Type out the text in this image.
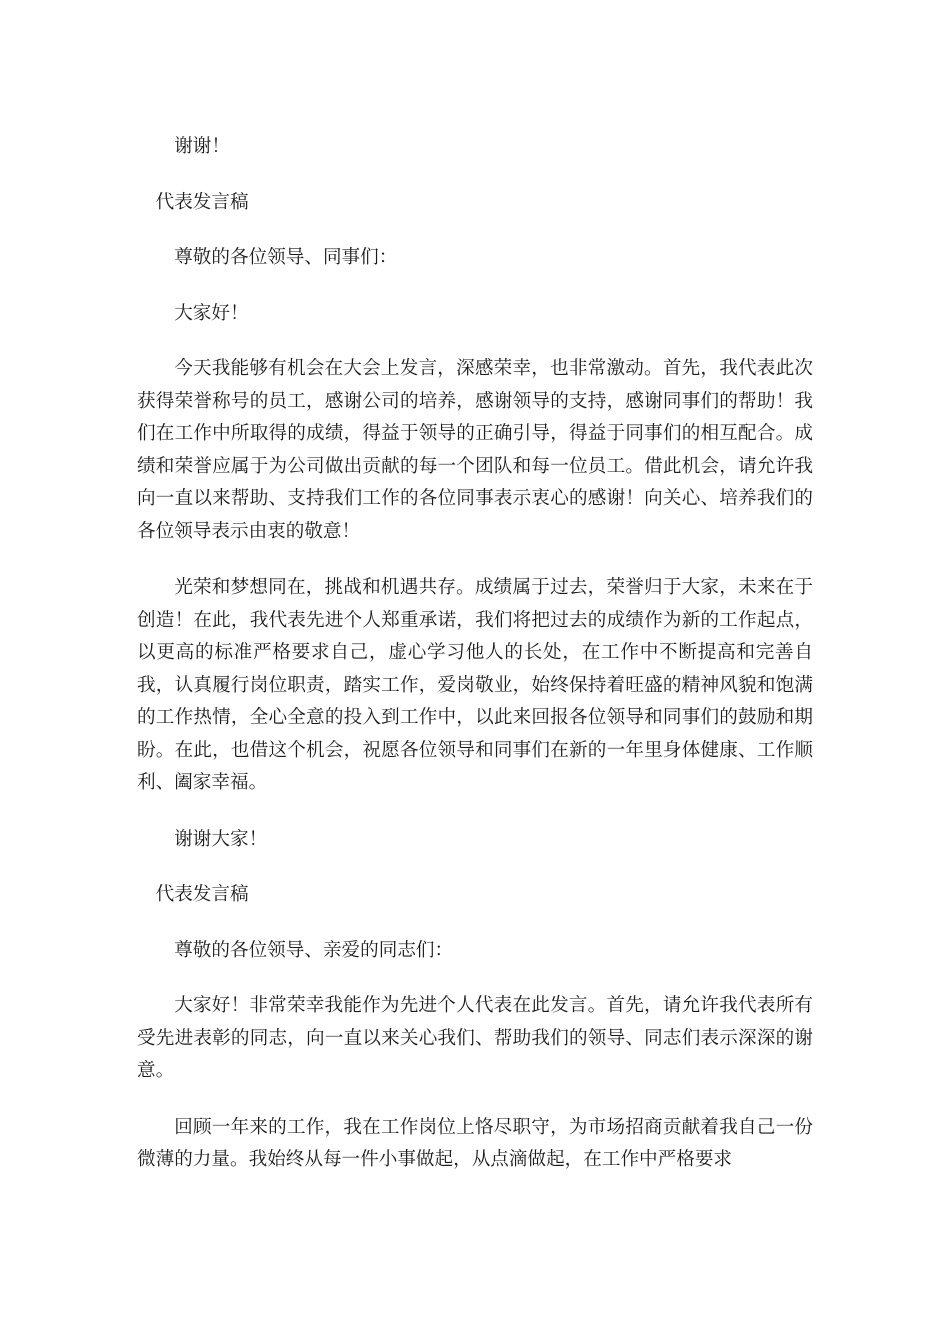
谢谢！

代表发言稿

尊敬的各位领导、同事们：

大家好！

今天我能够有机会在大会上发言，深感荣幸，也非常激动。首先，我代表此次获得荣誉称号的员工，感谢公司的培养，感谢领导的支持，感谢同事们的帮助！我们在工作中所取得的成绩，得益于领导的正确引导，得益于同事们的相互配合。成绩和荣誉应属于为公司做出贡献的每一个团队和每一位员工。借此机会，请允许我向一直以来帮助、支持我们工作的各位同事表示衷心的感谢！向关心、培养我们的各位领导表示由衷的敬意！

光荣和梦想同在，挑战和机遇共存。成绩属于过去，荣誉归于大家，未来在于创造！在此，我代表先进个人郑重承诺，我们将把过去的成绩作为新的工作起点，以更高的标准严格要求自己，虚心学习他人的长处，在工作中不断提高和完善自我，认真履行岗位职责，踏实工作，爱岗敬业，始终保持着旺盛的精神风貌和饱满的工作热情，全心全意的投入到工作中，以此来回报各位领导和同事们的鼓励和期盼。在此，也借这个机会，祝愿各位领导和同事们在新的一年里身体健康、工作顺利、阖家幸福。

谢谢大家！

代表发言稿

尊敬的各位领导、亲爱的同志们：

大家好！非常荣幸我能作为先进个人代表在此发言。首先，请允许我代表所有受先进表彰的同志，向一直以来关心我们、帮助我们的领导、同志们表示深深的谢意。

回顾一年来的工作，我在工作岗位上恪尽职守，为市场招商贡献着我自己一份微薄的力量。我始终从每一件小事做起，从点滴做起，在工作中严格要求
